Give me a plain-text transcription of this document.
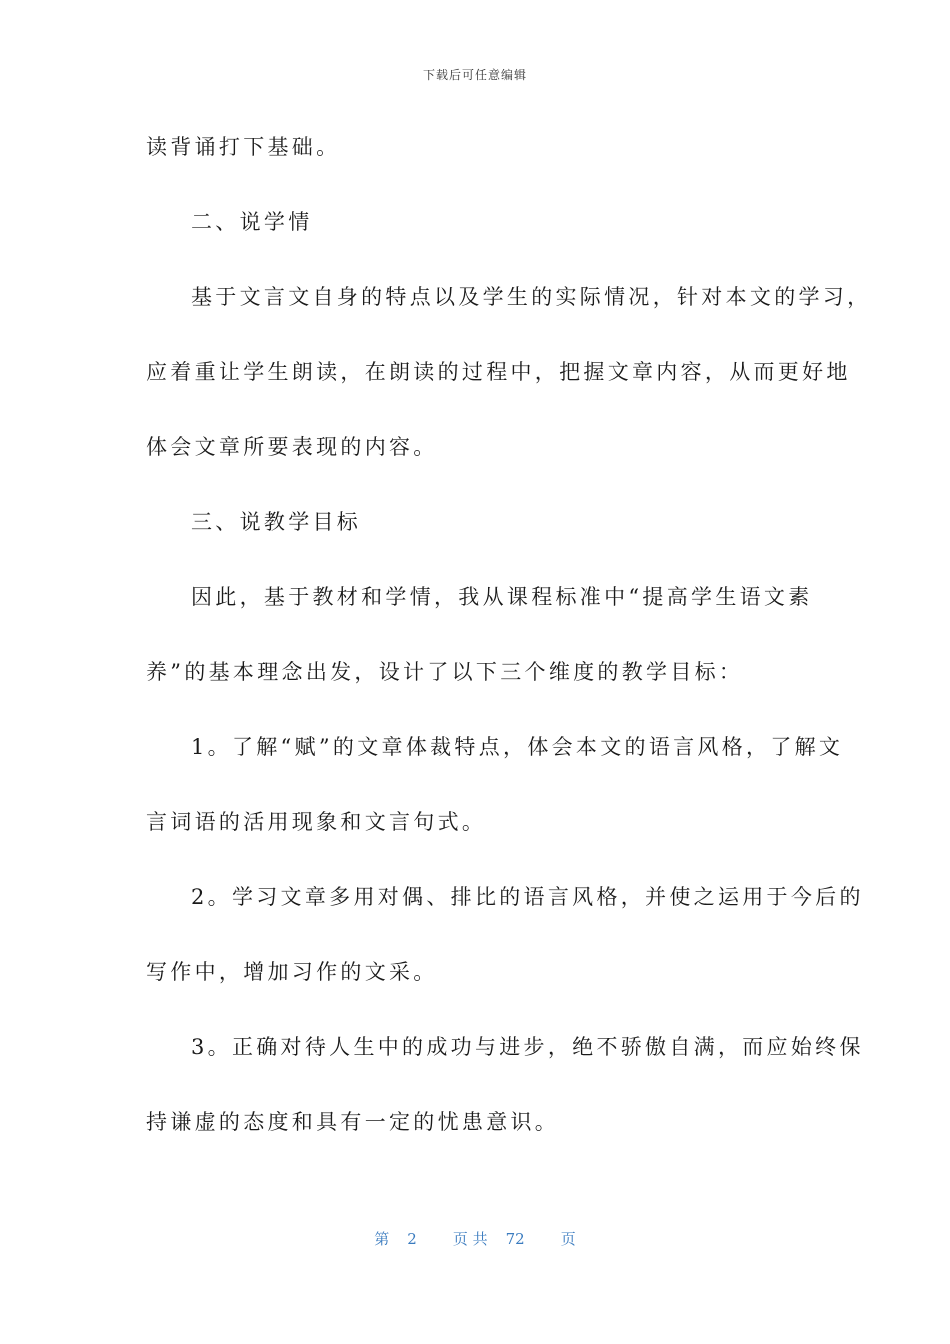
下载后可任意编辑
读背诵打下基础。
二、说学情
基于文言文自身的特点以及学生的实际情况，针对本文的学习，
应着重让学生朗读，在朗读的过程中，把握文章内容，从而更好地
体会文章所要表现的内容。
三、说教学目标
因此，基于教材和学情，我从课程标准中“提高学生语文素
养”的基本理念出发，设计了以下三个维度的教学目标：
1。了解“赋”的文章体裁特点，体会本文的语言风格，了解文
言词语的活用现象和文言句式。
2。学习文章多用对偶、排比的语言风格，并使之运用于今后的
写作中，增加习作的文采。
3。正确对待人生中的成功与进步，绝不骄傲自满，而应始终保
持谦虚的态度和具有一定的忧患意识。
第 2 页 共 72 页
